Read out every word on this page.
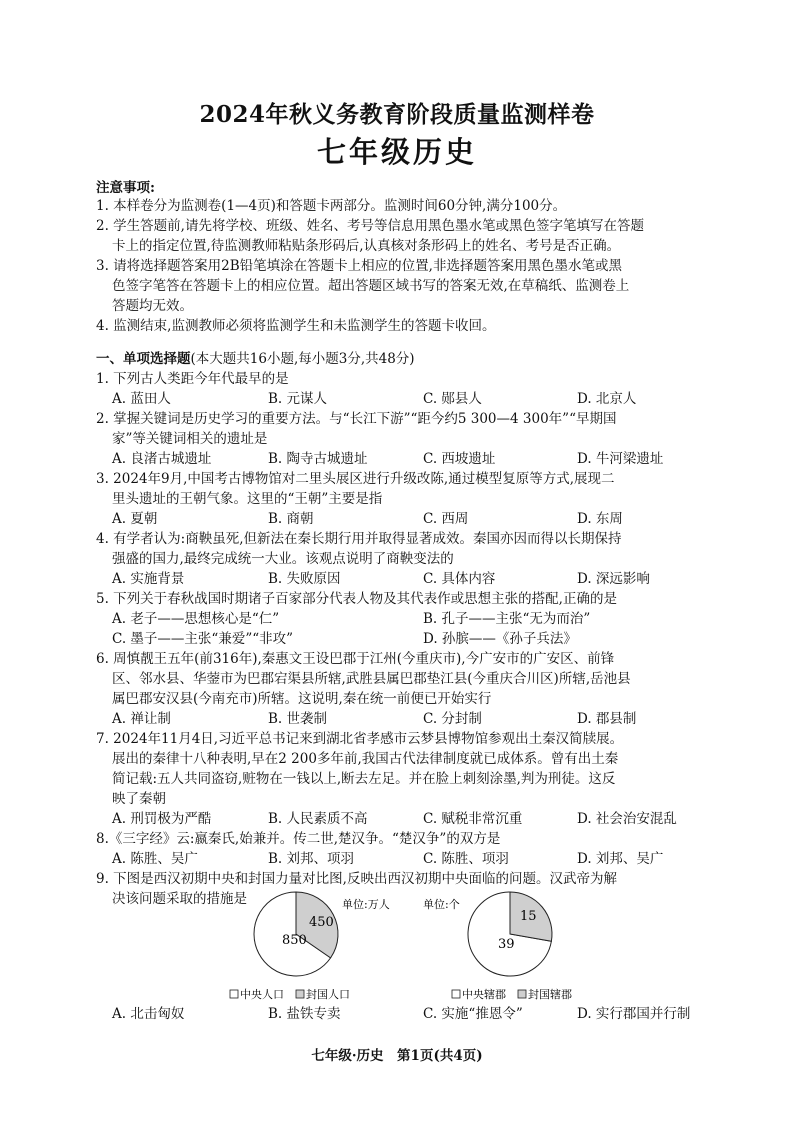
2024年秋义务教育阶段质量监测样卷
七年级历史
注意事项:
1. 本样卷分为监测卷(1—4页)和答题卡两部分。监测时间60分钟,满分100分。
2. 学生答题前,请先将学校、班级、姓名、考号等信息用黑色墨水笔或黑色签字笔填写在答题
卡上的指定位置,待监测教师粘贴条形码后,认真核对条形码上的姓名、考号是否正确。
3. 请将选择题答案用2B铅笔填涂在答题卡上相应的位置,非选择题答案用黑色墨水笔或黑
色签字笔答在答题卡上的相应位置。超出答题区域书写的答案无效,在草稿纸、监测卷上
答题均无效。
4. 监测结束,监测教师必须将监测学生和未监测学生的答题卡收回。
一、单项选择题(本大题共16小题,每小题3分,共48分)
1. 下列古人类距今年代最早的是
A. 蓝田人	B. 元谋人	C. 郧县人	D. 北京人
2. 掌握关键词是历史学习的重要方法。与“长江下游”“距今约5 300—4 300年”“早期国
家”等关键词相关的遗址是
A. 良渚古城遗址	B. 陶寺古城遗址	C. 西坡遗址	D. 牛河梁遗址
3. 2024年9月,中国考古博物馆对二里头展区进行升级改陈,通过模型复原等方式,展现二
里头遗址的王朝气象。这里的“王朝”主要是指
A. 夏朝	B. 商朝	C. 西周	D. 东周
4. 有学者认为:商鞅虽死,但新法在秦长期行用并取得显著成效。秦国亦因而得以长期保持
强盛的国力,最终完成统一大业。该观点说明了商鞅变法的
A. 实施背景	B. 失败原因	C. 具体内容	D. 深远影响
5. 下列关于春秋战国时期诸子百家部分代表人物及其代表作或思想主张的搭配,正确的是
A. 老子——思想核心是“仁”	B. 孔子——主张“无为而治”
C. 墨子——主张“兼爱”“非攻”	D. 孙膑——《孙子兵法》
6. 周慎靓王五年(前316年),秦惠文王设巴郡于江州(今重庆市),今广安市的广安区、前锋
区、邻水县、华蓥市为巴郡宕渠县所辖,武胜县属巴郡垫江县(今重庆合川区)所辖,岳池县
属巴郡安汉县(今南充市)所辖。这说明,秦在统一前便已开始实行
A. 禅让制	B. 世袭制	C. 分封制	D. 郡县制
7. 2024年11月4日,习近平总书记来到湖北省孝感市云梦县博物馆参观出土秦汉简牍展。
展出的秦律十八种表明,早在2 200多年前,我国古代法律制度就已成体系。曾有出土秦
简记载:五人共同盗窃,赃物在一钱以上,断去左足。并在脸上刺刻涂墨,判为刑徒。这反
映了秦朝
A. 刑罚极为严酷	B. 人民素质不高	C. 赋税非常沉重	D. 社会治安混乱
8.《三字经》云:嬴秦氏,始兼并。传二世,楚汉争。“楚汉争”的双方是
A. 陈胜、吴广	B. 刘邦、项羽	C. 陈胜、项羽	D. 刘邦、吴广
9. 下图是西汉初期中央和封国力量对比图,反映出西汉初期中央面临的问题。汉武帝为解
决该问题采取的措施是
850
450
单位:万人	单位:个
39
15
中央人口 封国人口	中央辖郡 封国辖郡
A. 北击匈奴	B. 盐铁专卖	C. 实施“推恩令”	D. 实行郡国并行制
七年级·历史　第1页(共4页)
